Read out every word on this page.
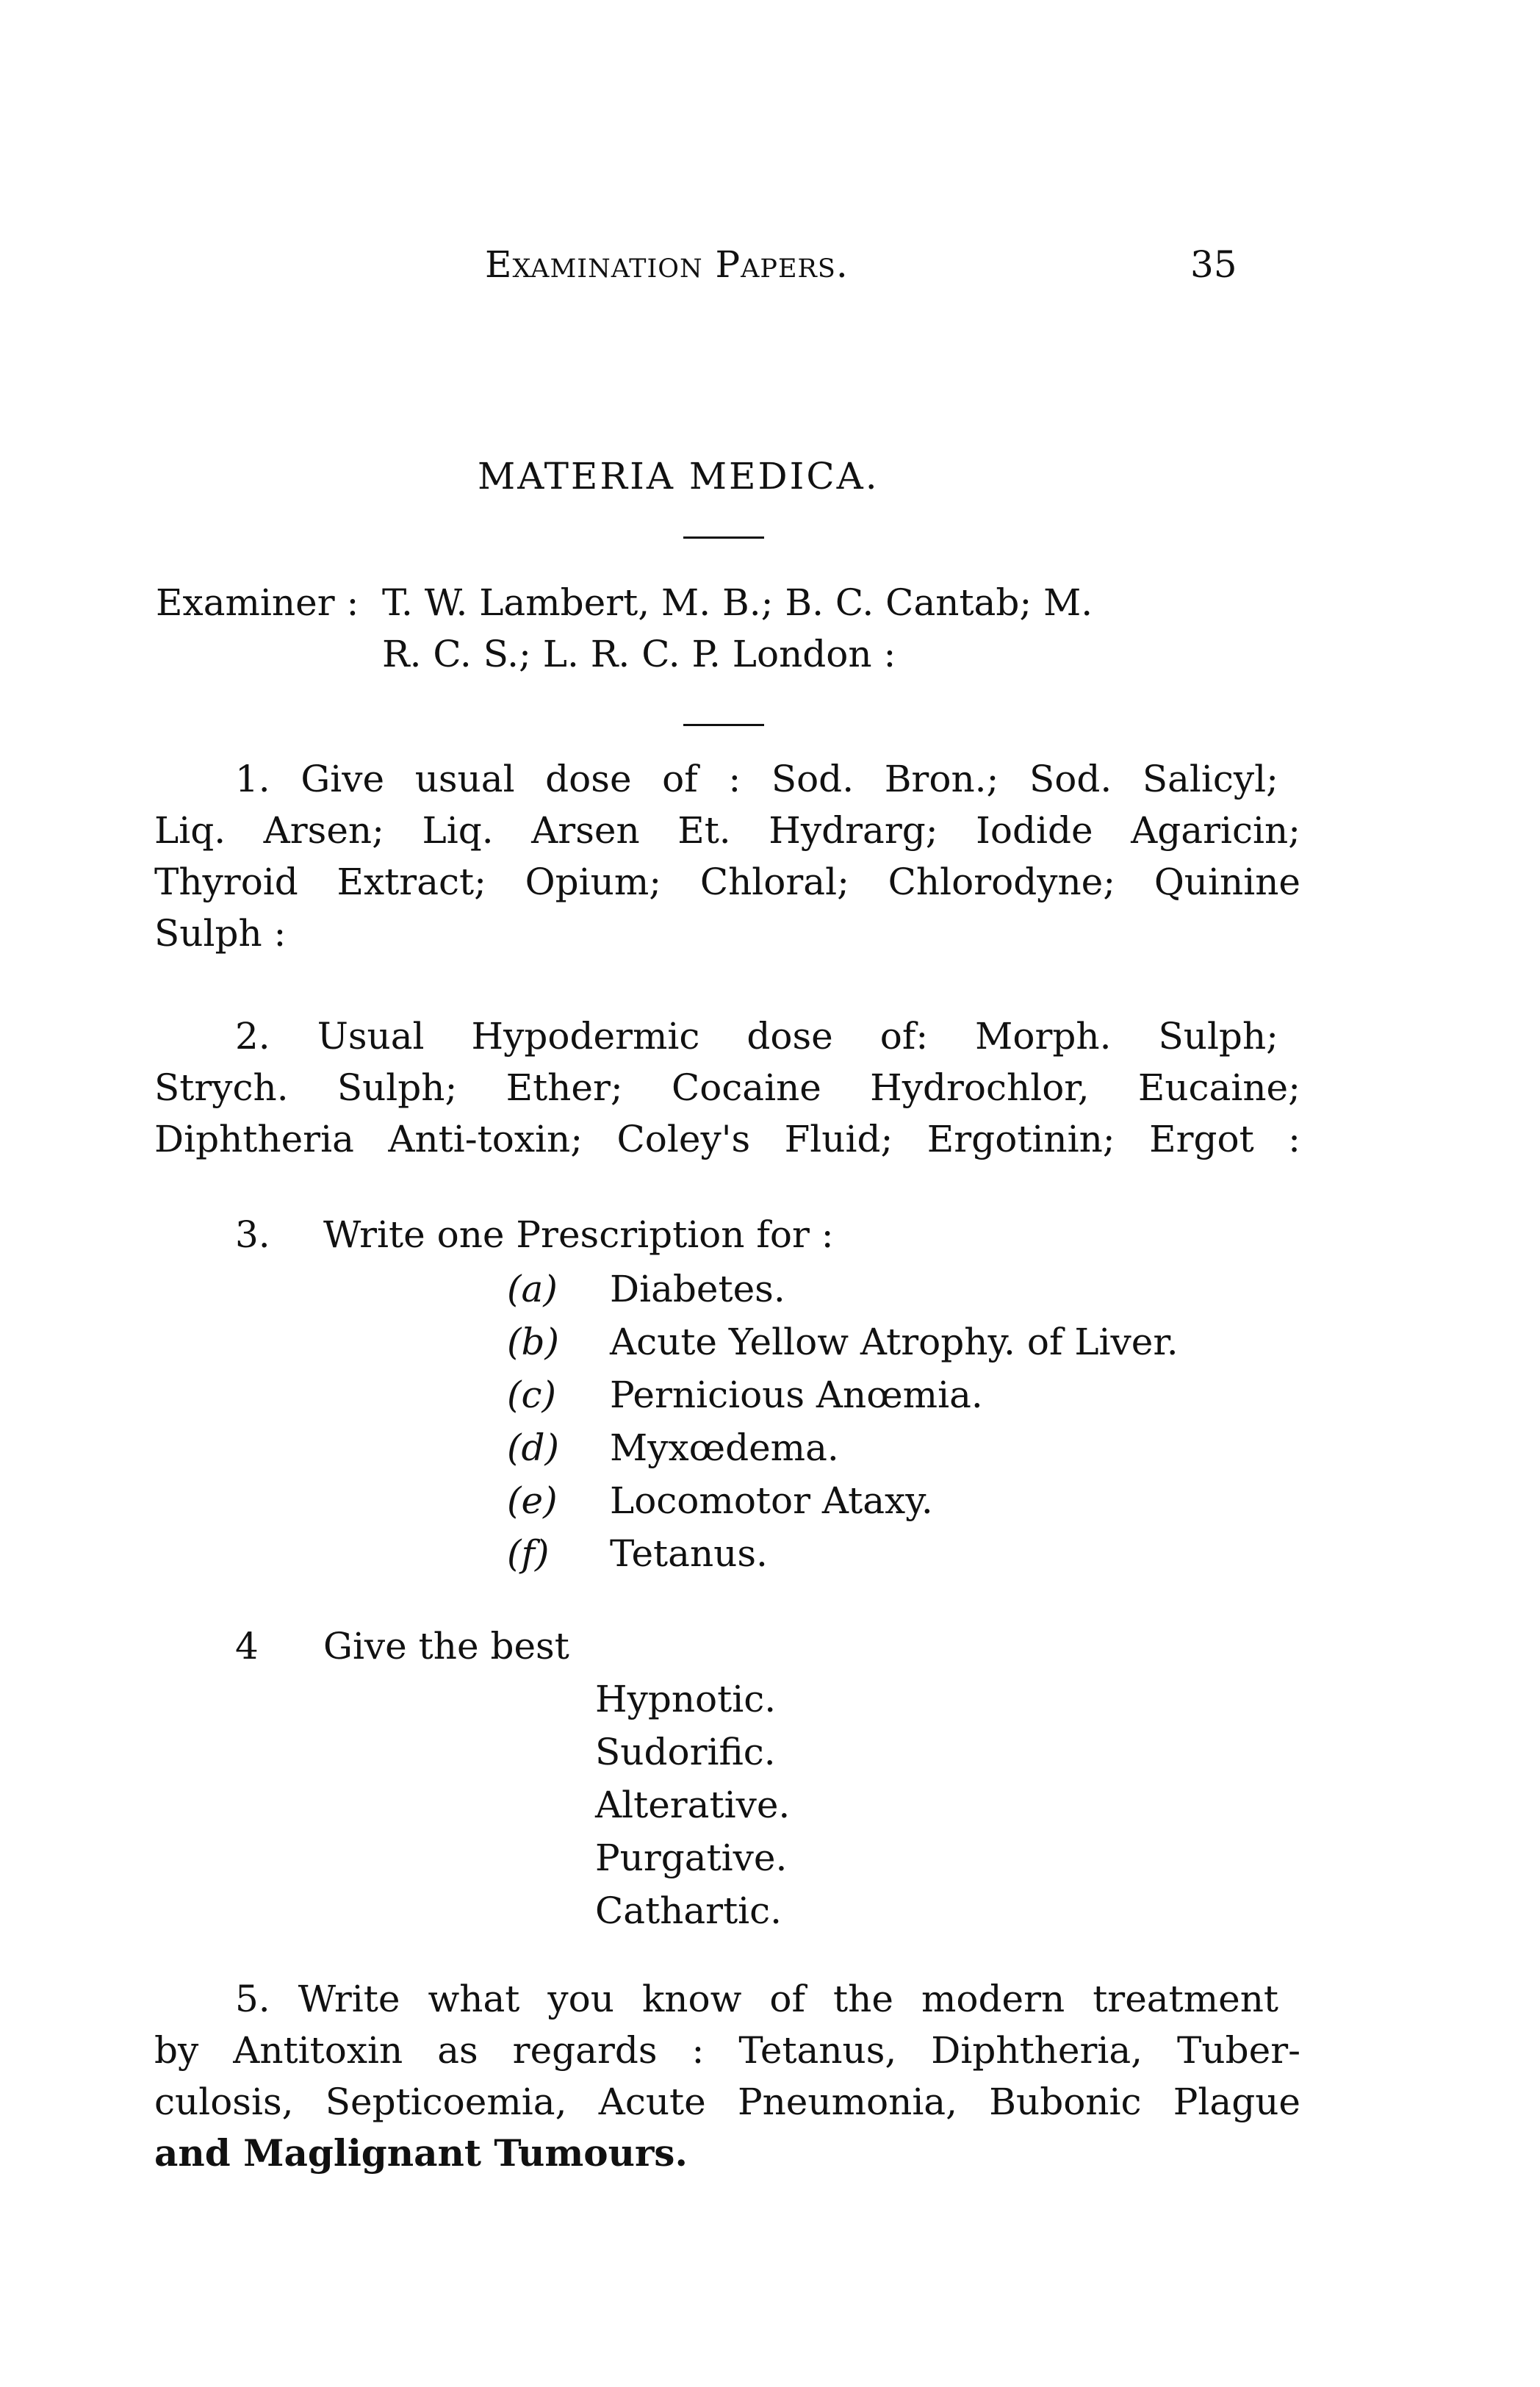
Examination Papers.	35
MATERIA MEDICA.
Examiner : T. W. Lambert, M. B.; B. C. Cantab; M.
R. C. S.; L. R. C. P. London :
1. Give usual dose of : Sod. Bron.; Sod. Salicyl;
Liq. Arsen; Liq. Arsen Et. Hydrarg; Iodide Agaricin;
Thyroid Extract; Opium; Chloral; Chlorodyne; Quinine
Sulph :
2. Usual Hypodermic dose of: Morph. Sulph;
Strych. Sulph; Ether; Cocaine Hydrochlor, Eucaine;
Diphtheria Anti-toxin; Coley's Fluid; Ergotinin; Ergot :
3. Write one Prescription for :
(a) Diabetes.
(b) Acute Yellow Atrophy. of Liver.
(c) Pernicious Anœmia.
(d) Myxœdema.
(e) Locomotor Ataxy.
(f) Tetanus.
4 Give the best
Hypnotic.
Sudorific.
Alterative.
Purgative.
Cathartic.
5. Write what you know of the modern treatment
by Antitoxin as regards : Tetanus, Diphtheria, Tuber-
culosis, Septicoemia, Acute Pneumonia, Bubonic Plague
and Maglignant Tumours.
